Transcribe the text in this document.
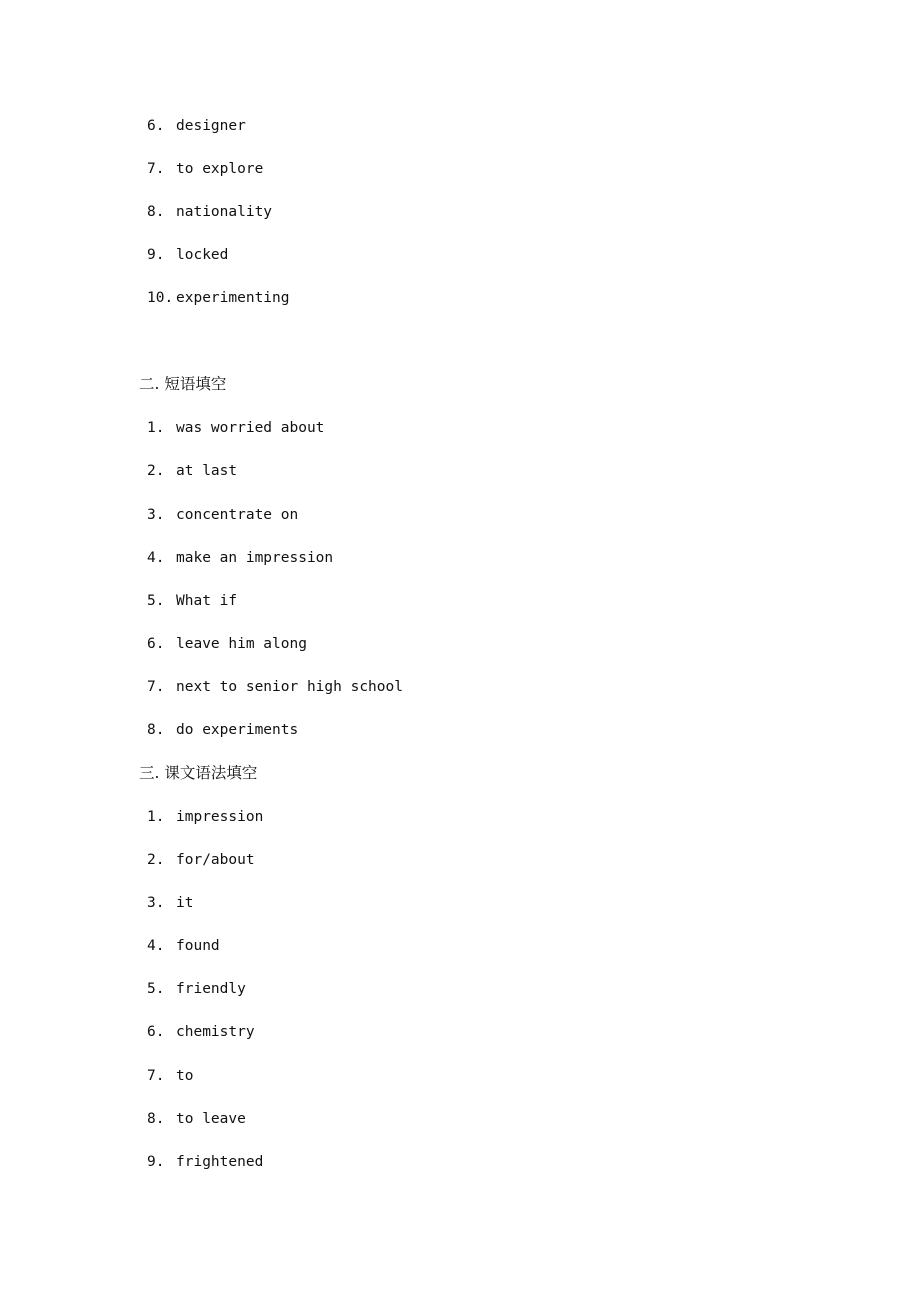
6. designer
7. to explore
8. nationality
9. locked
10. experimenting
二. 短语填空
1. was worried about
2. at last
3. concentrate on
4. make an impression
5. What if
6. leave him along
7. next to senior high school
8. do experiments
三. 课文语法填空
1. impression
2. for/about
3. it
4. found
5. friendly
6. chemistry
7. to
8. to leave
9. frightened
